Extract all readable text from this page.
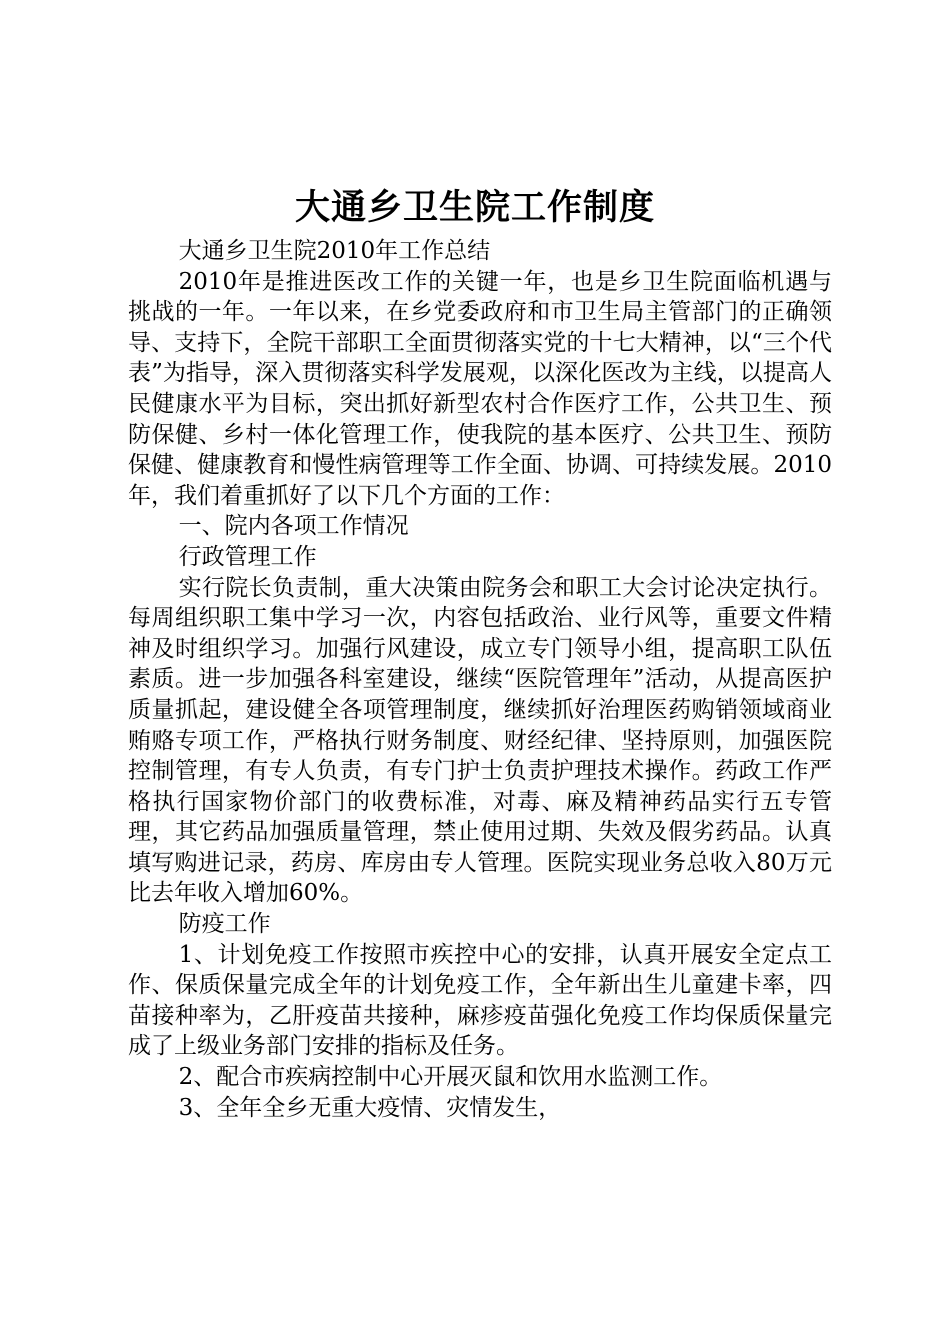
大通乡卫生院工作制度

大通乡卫生院2010年工作总结

2010年是推进医改工作的关键一年，也是乡卫生院面临机遇与挑战的一年。一年以来，在乡党委政府和市卫生局主管部门的正确领导、支持下，全院干部职工全面贯彻落实党的十七大精神，以“三个代表”为指导，深入贯彻落实科学发展观，以深化医改为主线，以提高人民健康水平为目标，突出抓好新型农村合作医疗工作，公共卫生、预防保健、乡村一体化管理工作，使我院的基本医疗、公共卫生、预防保健、健康教育和慢性病管理等工作全面、协调、可持续发展。2010年，我们着重抓好了以下几个方面的工作：

一、院内各项工作情况

行政管理工作

实行院长负责制，重大决策由院务会和职工大会讨论决定执行。每周组织职工集中学习一次，内容包括政治、业行风等，重要文件精神及时组织学习。加强行风建设，成立专门领导小组，提高职工队伍素质。进一步加强各科室建设，继续“医院管理年”活动，从提高医护质量抓起，建设健全各项管理制度，继续抓好治理医药购销领域商业贿赂专项工作，严格执行财务制度、财经纪律、坚持原则，加强医院控制管理，有专人负责，有专门护士负责护理技术操作。药政工作严格执行国家物价部门的收费标准，对毒、麻及精神药品实行五专管理，其它药品加强质量管理，禁止使用过期、失效及假劣药品。认真填写购进记录，药房、库房由专人管理。医院实现业务总收入80万元比去年收入增加60%。

防疫工作

1、计划免疫工作按照市疾控中心的安排，认真开展安全定点工作、保质保量完成全年的计划免疫工作，全年新出生儿童建卡率，四苗接种率为，乙肝疫苗共接种，麻疹疫苗强化免疫工作均保质保量完成了上级业务部门安排的指标及任务。

2、配合市疾病控制中心开展灭鼠和饮用水监测工作。

3、全年全乡无重大疫情、灾情发生，
